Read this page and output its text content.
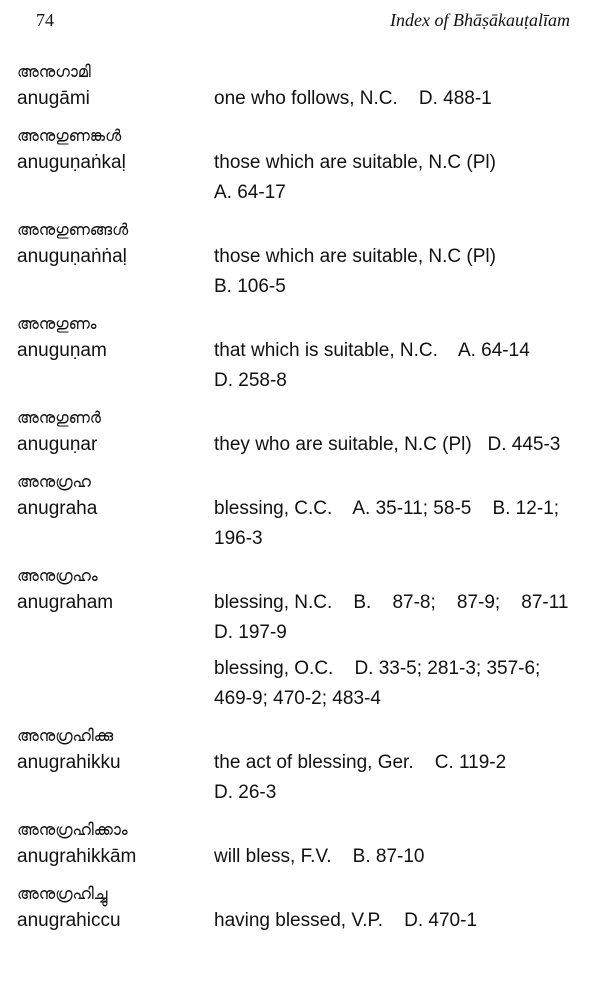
74	Index of Bhāṣākauṭalīam
അനുഗാമി
anugāmi	one who follows, N.C.    D. 488-1
അനുഗുണങ്കൾ
anuguṇaṅkaḷ	those which are suitable, N.C (Pl)
A. 64-17
അനുഗുണങ്ങൾ
anuguṇaṅṅaḷ	those which are suitable, N.C (Pl)
B. 106-5
അനുഗുണം
anuguṇam	that which is suitable, N.C.    A. 64-14
D. 258-8
അനുഗുണർ
anuguṇar	they who are suitable, N.C (Pl)   D. 445-3
അനുഗ്രഹ
anugraha	blessing, C.C.    A. 35-11; 58-5    B. 12-1;
196-3
അനുഗ്രഹം
anugraham	blessing, N.C.    B.    87-8;    87-9;    87-11
D. 197-9
blessing, O.C.    D. 33-5; 281-3; 357-6;
469-9; 470-2; 483-4
അനുഗ്രഹിക്കു
anugrahikku	the act of blessing, Ger.    C. 119-2
D. 26-3
അനുഗ്രഹിക്കാം
anugrahikkām	will bless, F.V.    B. 87-10
അനുഗ്രഹിച്ചു
anugrahiccu	having blessed, V.P.    D. 470-1
